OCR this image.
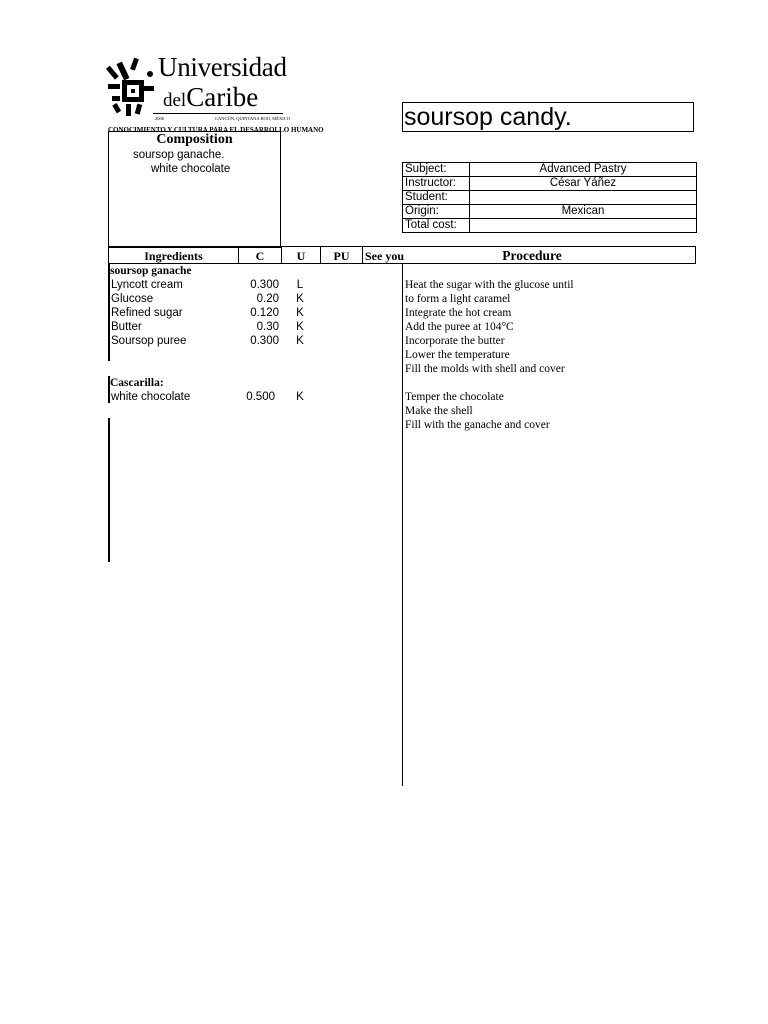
Universidad
delCaribe
2000	CANCÚN, QUINTANA ROO, MÉXICO
CONOCIMIENTO Y CULTURA PARA EL DESARROLLO HUMANO	soursop candy.
Composition
soursop ganache.
white chocolate	Subject:	Advanced Pastry
Instructor:	César Yáñez
Student:	
Origin:	Mexican
Total cost:	
Ingredients	C	U	PU	See you	Procedure
soursop ganache
Lyncott cream	0.300	L
Glucose	0.20	K
Refined sugar	0.120	K
Butter	0.30	K
Soursop puree	0.300	K
Heat the sugar with the glucose until
to form a light caramel
Integrate the hot cream
Add the puree at 104°C
Incorporate the butter
Lower the temperature
Fill the molds with shell and cover
Cascarilla:
white chocolate	0.500	K	Temper the chocolate
Make the shell
Fill with the ganache and cover
